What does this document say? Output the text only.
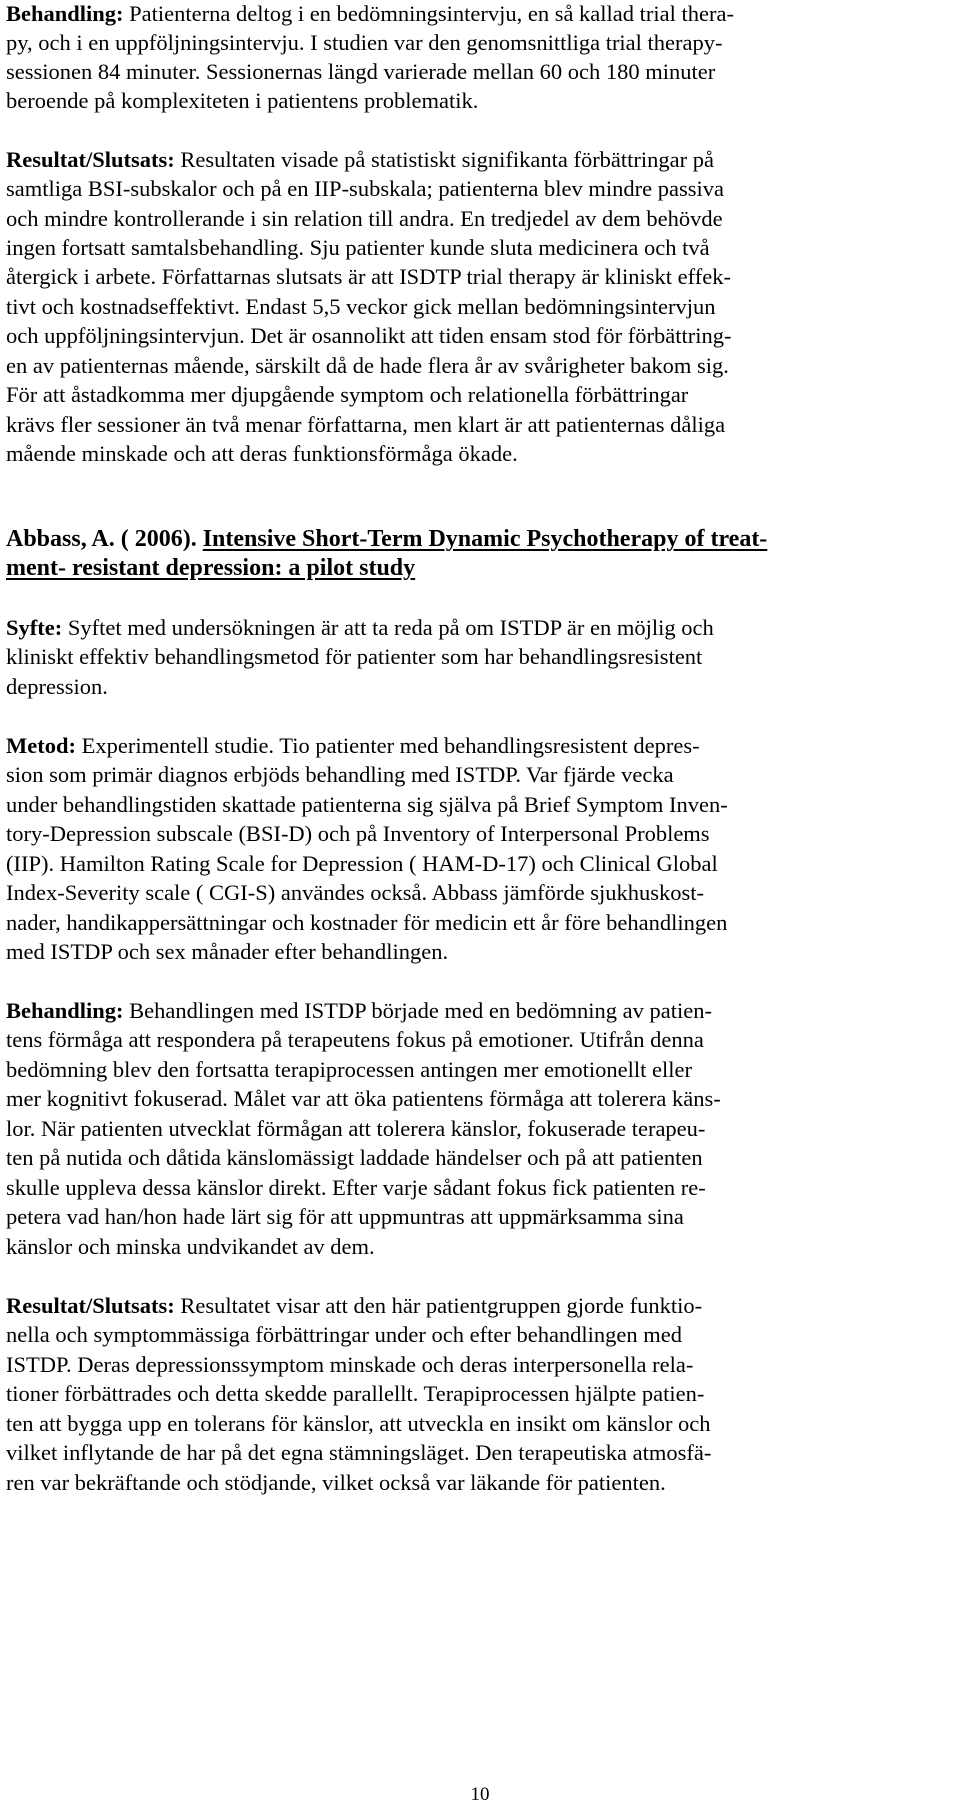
Behandling: Patienterna deltog i en bedömningsintervju, en så kallad trial thera-
py, och i en uppföljningsintervju. I studien var den genomsnittliga trial therapy-
sessionen 84 minuter. Sessionernas längd varierade mellan 60 och 180 minuter
beroende på komplexiteten i patientens problematik.
Resultat/Slutsats: Resultaten visade på statistiskt signifikanta förbättringar på
samtliga BSI-subskalor och på en IIP-subskala; patienterna blev mindre passiva
och mindre kontrollerande i sin relation till andra. En tredjedel av dem behövde
ingen fortsatt samtalsbehandling. Sju patienter kunde sluta medicinera och två
återgick i arbete. Författarnas slutsats är att ISDTP trial therapy är kliniskt effek-
tivt och kostnadseffektivt. Endast 5,5 veckor gick mellan bedömningsintervjun
och uppföljningsintervjun. Det är osannolikt att tiden ensam stod för förbättring-
en av patienternas mående, särskilt då de hade flera år av svårigheter bakom sig.
För att åstadkomma mer djupgående symptom och relationella förbättringar
krävs fler sessioner än två menar författarna, men klart är att patienternas dåliga
mående minskade och att deras funktionsförmåga ökade.
Abbass, A. ( 2006). Intensive Short-Term Dynamic Psychotherapy of treat-
ment- resistant depression: a pilot study
Syfte: Syftet med undersökningen är att ta reda på om ISTDP är en möjlig och
kliniskt effektiv behandlingsmetod för patienter som har behandlingsresistent
depression.
Metod: Experimentell studie. Tio patienter med behandlingsresistent depres-
sion som primär diagnos erbjöds behandling med ISTDP. Var fjärde vecka
under behandlingstiden skattade patienterna sig själva på Brief Symptom Inven-
tory-Depression subscale (BSI-D) och på Inventory of Interpersonal Problems
(IIP). Hamilton Rating Scale for Depression ( HAM-D-17) och Clinical Global
Index-Severity scale ( CGI-S) användes också. Abbass jämförde sjukhuskost-
nader, handikappersättningar och kostnader för medicin ett år före behandlingen
med ISTDP och sex månader efter behandlingen.
Behandling: Behandlingen med ISTDP började med en bedömning av patien-
tens förmåga att respondera på terapeutens fokus på emotioner. Utifrån denna
bedömning blev den fortsatta terapiprocessen antingen mer emotionellt eller
mer kognitivt fokuserad. Målet var att öka patientens förmåga att tolerera käns-
lor. När patienten utvecklat förmågan att tolerera känslor, fokuserade terapeu-
ten på nutida och dåtida känslomässigt laddade händelser och på att patienten
skulle uppleva dessa känslor direkt. Efter varje sådant fokus fick patienten re-
petera vad han/hon hade lärt sig för att uppmuntras att uppmärksamma sina
känslor och minska undvikandet av dem.
Resultat/Slutsats: Resultatet visar att den här patientgruppen gjorde funktio-
nella och symptommässiga förbättringar under och efter behandlingen med
ISTDP. Deras depressionssymptom minskade och deras interpersonella rela-
tioner förbättrades och detta skedde parallellt. Terapiprocessen hjälpte patien-
ten att bygga upp en tolerans för känslor, att utveckla en insikt om känslor och
vilket inflytande de har på det egna stämningsläget. Den terapeutiska atmosfä-
ren var bekräftande och stödjande, vilket också var läkande för patienten.
10
